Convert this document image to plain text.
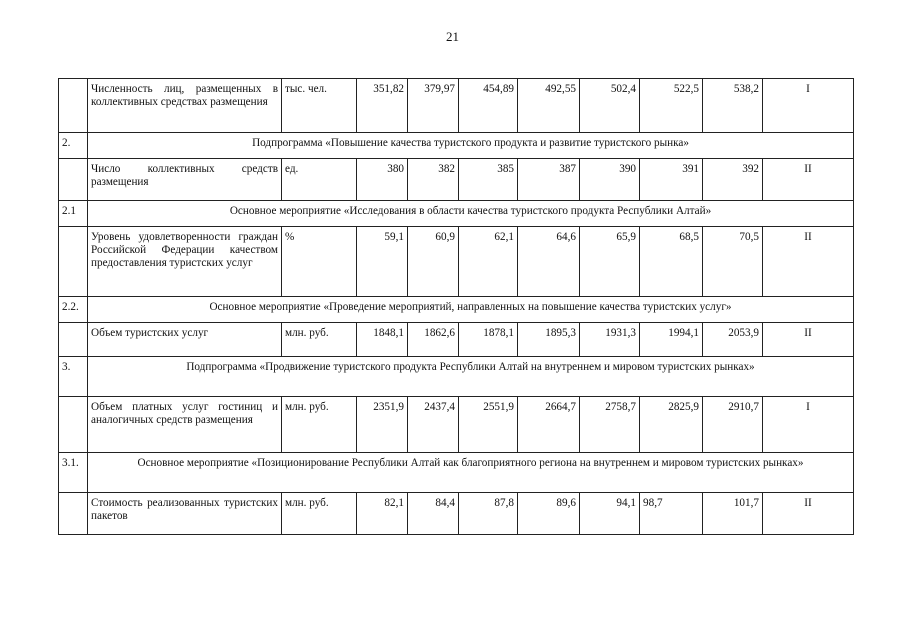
21
	Численность лиц, размещенных в коллективных средствах размещения	тыс. чел.	351,82	379,97	454,89	492,55	502,4	522,5	538,2	I
2.	Подпрограмма «Повышение качества туристского продукта и развитие туристского рынка»									
	Число коллективных средств размещения	ед.	380	382	385	387	390	391	392	II
2.1	Основное мероприятие «Исследования в области качества туристского продукта Республики Алтай»									
	Уровень удовлетворенности граждан Российской Федерации качеством предоставления туристских услуг	%	59,1	60,9	62,1	64,6	65,9	68,5	70,5	II
2.2.	Основное мероприятие «Проведение мероприятий, направленных на повышение качества туристских услуг»									
	Объем туристских услуг	млн. руб.	1848,1	1862,6	1878,1	1895,3	1931,3	1994,1	2053,9	II
3.	Подпрограмма «Продвижение туристского продукта Республики Алтай на внутреннем и мировом туристских рынках»									
	Объем платных услуг гостиниц и аналогичных средств размещения	млн. руб.	2351,9	2437,4	2551,9	2664,7	2758,7	2825,9	2910,7	I
3.1.	Основное мероприятие «Позиционирование Республики Алтай как благоприятного региона на внутреннем и мировом туристских рынках»									
	Стоимость реализованных туристских пакетов	млн. руб.	82,1	84,4	87,8	89,6	94,1	98,7	101,7	II
